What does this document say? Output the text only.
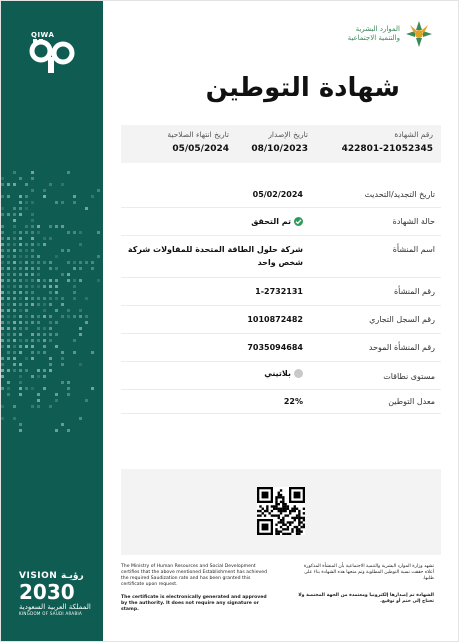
QIWA
VISION رؤيـة
2030
المملكة العربية السعودية
KINGDOM OF SAUDI ARABIA
الموارد البشرية
والتنمية الاجتماعية
شهادة التوطين
رقم الشهادة
422801-21052345
تاريخ الإصدار
08/10/2023
تاريخ انتهاء الصلاحية
05/05/2024
تاريخ التجديد/التحديث
05/02/2024
حالة الشهادة
تم التحقق
اسم المنشأة
شركة حلول الطاقة المتحدة للمقاولات شركة شخص واحد
رقم المنشأة
1-2732131
رقم السجل التجاري
1010872482
رقم المنشأة الموحد
7035094684
مستوى نطاقات
بلاتيني
معدل التوطين
22%
The Ministry of Human Resources and Social Development certifies that the above mentioned Establishment has achieved the required Saudization rate and has been granted this certificate upon request.
The certificate is electronically generated and approved by the authority. It does not require any signature or stamp.
تشهد وزارة الموارد البشرية والتنمية الاجتماعية بأن المنشأة المذكورة أعلاه حققت نسبة التوطين المطلوبة وتم منحها هذه الشهادة بناء على طلبها.
الشهادة تم إصدارها إلكترونيا ومعتمدة من الجهة المختصة ولا تحتاج إلى ختم أو توقيع.
